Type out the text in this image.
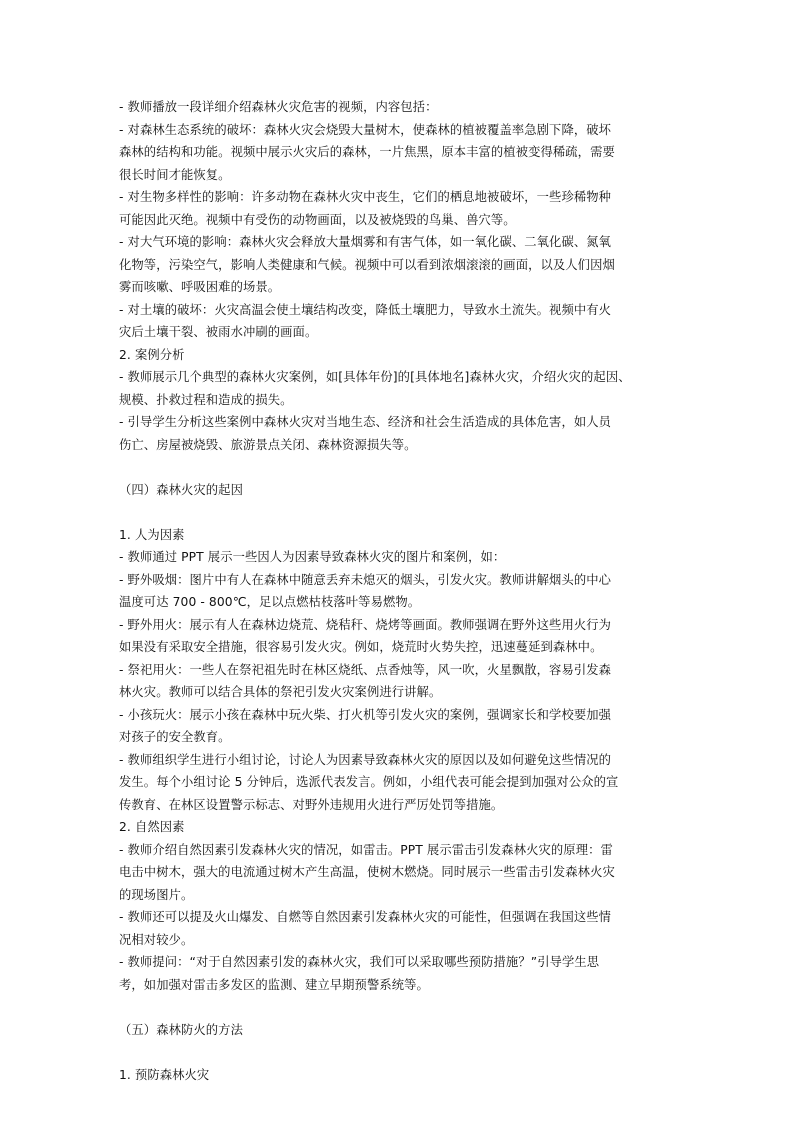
- 教师播放一段详细介绍森林火灾危害的视频，内容包括：
- 对森林生态系统的破坏：森林火灾会烧毁大量树木，使森林的植被覆盖率急剧下降，破坏
森林的结构和功能。视频中展示火灾后的森林，一片焦黑，原本丰富的植被变得稀疏，需要
很长时间才能恢复。
- 对生物多样性的影响：许多动物在森林火灾中丧生，它们的栖息地被破坏，一些珍稀物种
可能因此灭绝。视频中有受伤的动物画面，以及被烧毁的鸟巢、兽穴等。
- 对大气环境的影响：森林火灾会释放大量烟雾和有害气体，如一氧化碳、二氧化碳、氮氧
化物等，污染空气，影响人类健康和气候。视频中可以看到浓烟滚滚的画面，以及人们因烟
雾而咳嗽、呼吸困难的场景。
- 对土壤的破坏：火灾高温会使土壤结构改变，降低土壤肥力，导致水土流失。视频中有火
灾后土壤干裂、被雨水冲刷的画面。
2. 案例分析
- 教师展示几个典型的森林火灾案例，如[具体年份]的[具体地名]森林火灾，介绍火灾的起因、
规模、扑救过程和造成的损失。
- 引导学生分析这些案例中森林火灾对当地生态、经济和社会生活造成的具体危害，如人员
伤亡、房屋被烧毁、旅游景点关闭、森林资源损失等。
（四）森林火灾的起因
1. 人为因素
- 教师通过 PPT 展示一些因人为因素导致森林火灾的图片和案例，如：
- 野外吸烟：图片中有人在森林中随意丢弃未熄灭的烟头，引发火灾。教师讲解烟头的中心
温度可达 700 - 800℃，足以点燃枯枝落叶等易燃物。
- 野外用火：展示有人在森林边烧荒、烧秸秆、烧烤等画面。教师强调在野外这些用火行为
如果没有采取安全措施，很容易引发火灾。例如，烧荒时火势失控，迅速蔓延到森林中。
- 祭祀用火：一些人在祭祀祖先时在林区烧纸、点香烛等，风一吹，火星飘散，容易引发森
林火灾。教师可以结合具体的祭祀引发火灾案例进行讲解。
- 小孩玩火：展示小孩在森林中玩火柴、打火机等引发火灾的案例，强调家长和学校要加强
对孩子的安全教育。
- 教师组织学生进行小组讨论，讨论人为因素导致森林火灾的原因以及如何避免这些情况的
发生。每个小组讨论 5 分钟后，选派代表发言。例如，小组代表可能会提到加强对公众的宣
传教育、在林区设置警示标志、对野外违规用火进行严厉处罚等措施。
2. 自然因素
- 教师介绍自然因素引发森林火灾的情况，如雷击。PPT 展示雷击引发森林火灾的原理：雷
电击中树木，强大的电流通过树木产生高温，使树木燃烧。同时展示一些雷击引发森林火灾
的现场图片。
- 教师还可以提及火山爆发、自燃等自然因素引发森林火灾的可能性，但强调在我国这些情
况相对较少。
- 教师提问：“对于自然因素引发的森林火灾，我们可以采取哪些预防措施？”引导学生思
考，如加强对雷击多发区的监测、建立早期预警系统等。
（五）森林防火的方法
1. 预防森林火灾
